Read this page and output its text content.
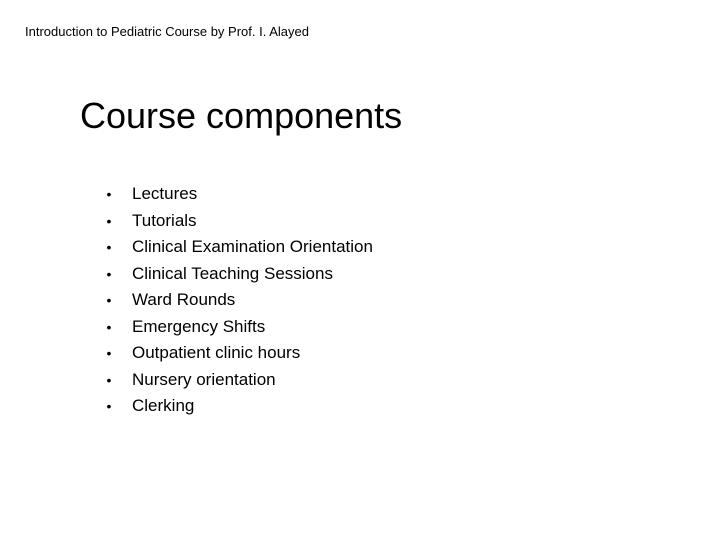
Introduction to Pediatric Course by Prof. I. Alayed
Course components
•	Lectures
•	Tutorials
•	Clinical Examination Orientation
•	Clinical Teaching Sessions
•	Ward Rounds
•	Emergency Shifts
•	Outpatient clinic hours
•	Nursery orientation
•	Clerking
